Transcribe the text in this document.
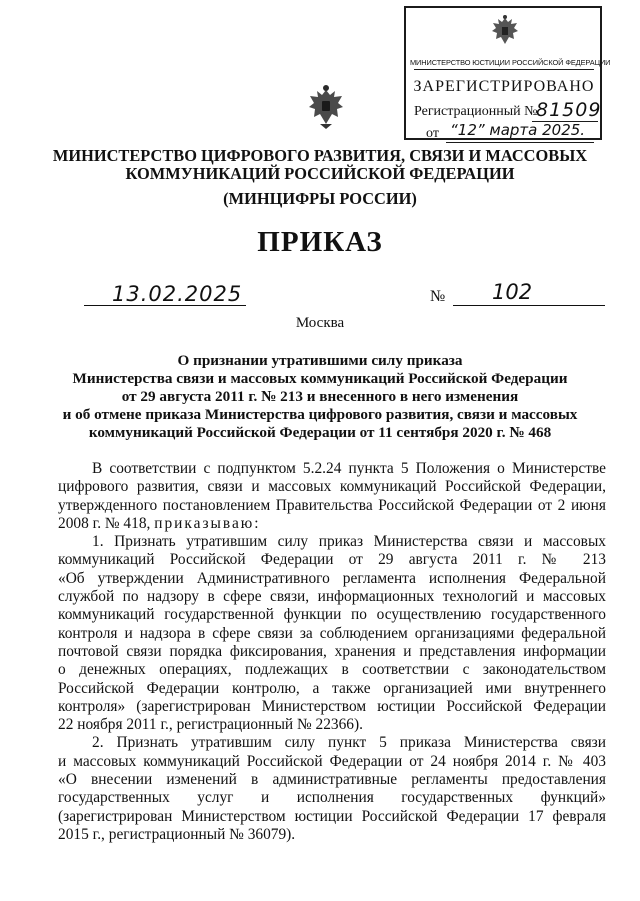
МИНИСТЕРСТВО ЮСТИЦИИ РОССИЙСКОЙ ФЕДЕРАЦИИ
ЗАРЕГИСТРИРОВАНО
Регистрационный №
81509
от “12” марта 2025.
МИНИСТЕРСТВО ЦИФРОВОГО РАЗВИТИЯ, СВЯЗИ И МАССОВЫХ
КОММУНИКАЦИЙ РОССИЙСКОЙ ФЕДЕРАЦИИ
(МИНЦИФРЫ РОССИИ)
ПРИКАЗ
13.02.2025	№ 102
Москва
О признании утратившими силу приказа
Министерства связи и массовых коммуникаций Российской Федерации
от 29 августа 2011 г. № 213 и внесенного в него изменения
и об отмене приказа Министерства цифрового развития, связи и массовых
коммуникаций Российской Федерации от 11 сентября 2020 г. № 468
В соответствии с подпунктом 5.2.24 пункта 5 Положения о Министерстве
цифрового развития, связи и массовых коммуникаций Российской Федерации,
утвержденного постановлением Правительства Российской Федерации от 2 июня
2008 г. № 418, приказываю:
1. Признать утратившим силу приказ Министерства связи и массовых
коммуникаций Российской Федерации от 29 августа 2011 г. № 213
«Об утверждении Административного регламента исполнения Федеральной
службой по надзору в сфере связи, информационных технологий и массовых
коммуникаций государственной функции по осуществлению государственного
контроля и надзора в сфере связи за соблюдением организациями федеральной
почтовой связи порядка фиксирования, хранения и представления информации
о денежных операциях, подлежащих в соответствии с законодательством
Российской Федерации контролю, а также организацией ими внутреннего
контроля» (зарегистрирован Министерством юстиции Российской Федерации
22 ноября 2011 г., регистрационный № 22366).
2. Признать утратившим силу пункт 5 приказа Министерства связи
и массовых коммуникаций Российской Федерации от 24 ноября 2014 г. № 403
«О внесении изменений в административные регламенты предоставления
государственных услуг и исполнения государственных функций»
(зарегистрирован Министерством юстиции Российской Федерации 17 февраля
2015 г., регистрационный № 36079).
